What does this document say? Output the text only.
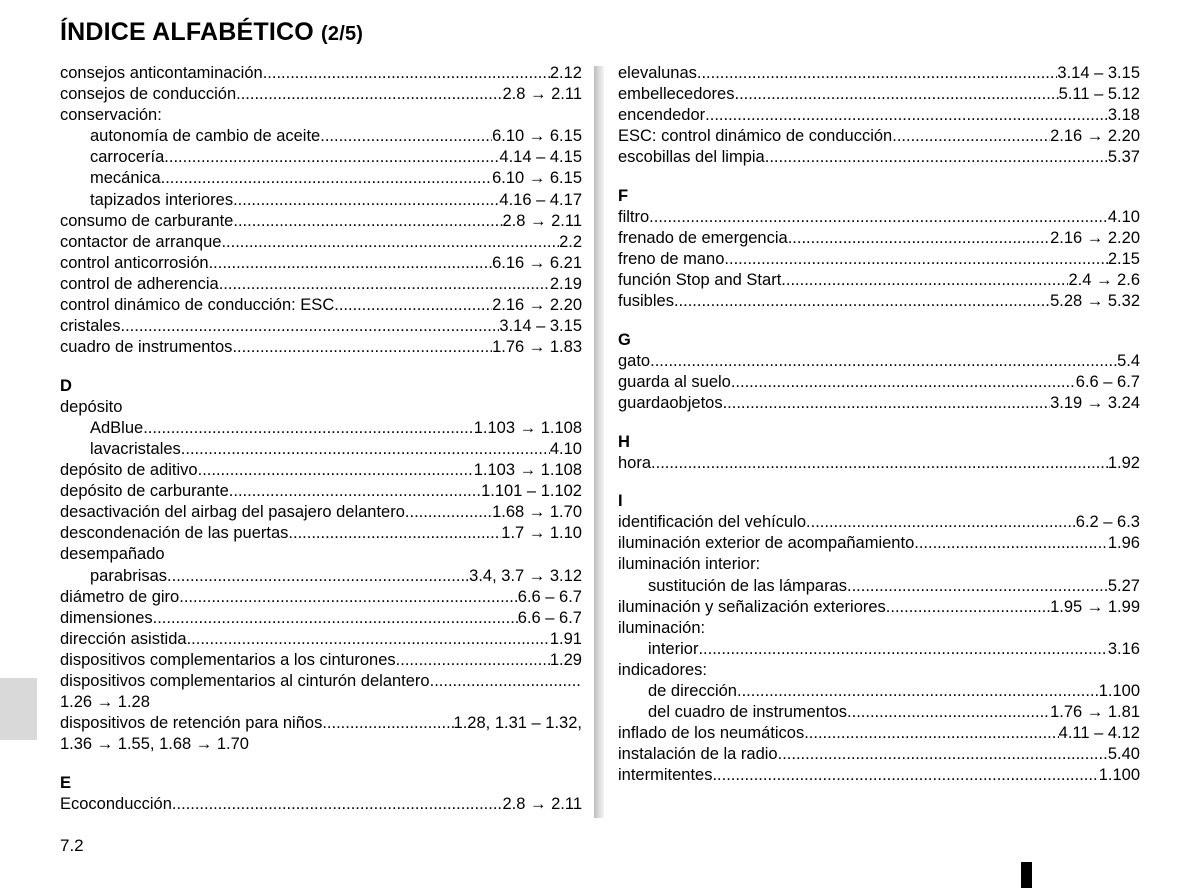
ÍNDICE ALFABÉTICO (2/5)
consejos anticontaminación .....	2.12
consejos de conducción .....	2.8 → 2.11
conservación:
autonomía de cambio de aceite .....	6.10 → 6.15
carrocería .....	4.14 – 4.15
mecánica .....	6.10 → 6.15
tapizados interiores .....	4.16 – 4.17
consumo de carburante .....	2.8 → 2.11
contactor de arranque .....	2.2
control anticorrosión .....	6.16 → 6.21
control de adherencia .....	2.19
control dinámico de conducción: ESC .....	2.16 → 2.20
cristales .....	3.14 – 3.15
cuadro de instrumentos .....	1.76 → 1.83
D
depósito
AdBlue .....	1.103 → 1.108
lavacristales .....	4.10
depósito de aditivo .....	1.103 → 1.108
depósito de carburante .....	1.101 – 1.102
desactivación del airbag del pasajero delantero .....	1.68 → 1.70
descondenación de las puertas .....	1.7 → 1.10
desempañado
parabrisas .....	3.4, 3.7 → 3.12
diámetro de giro .....	6.6 – 6.7
dimensiones .....	6.6 – 6.7
dirección asistida .....	1.91
dispositivos complementarios a los cinturones .....	1.29
dispositivos complementarios al cinturón delantero
.....
1.26 → 1.28
dispositivos de retención para niños .....	1.28, 1.31 – 1.32,
1.36 → 1.55, 1.68 → 1.70
E
Ecoconducción .....	2.8 → 2.11
elevalunas .....	3.14 – 3.15
embellecedores .....	5.11 – 5.12
encendedor .....	3.18
ESC: control dinámico de conducción .....	2.16 → 2.20
escobillas del limpia .....	5.37
F
filtro .....	4.10
frenado de emergencia .....	2.16 → 2.20
freno de mano .....	2.15
función Stop and Start .....	2.4 → 2.6
fusibles .....	5.28 → 5.32
G
gato .....	5.4
guarda al suelo .....	6.6 – 6.7
guardaobjetos .....	3.19 → 3.24
H
hora .....	1.92
I
identificación del vehículo .....	6.2 – 6.3
iluminación exterior de acompañamiento .....	1.96
iluminación interior:
sustitución de las lámparas .....	5.27
iluminación y señalización exteriores .....	1.95 → 1.99
iluminación:
interior .....	3.16
indicadores:
de dirección .....	1.100
del cuadro de instrumentos .....	1.76 → 1.81
inflado de los neumáticos .....	4.11 – 4.12
instalación de la radio .....	5.40
intermitentes .....	1.100
7.2
